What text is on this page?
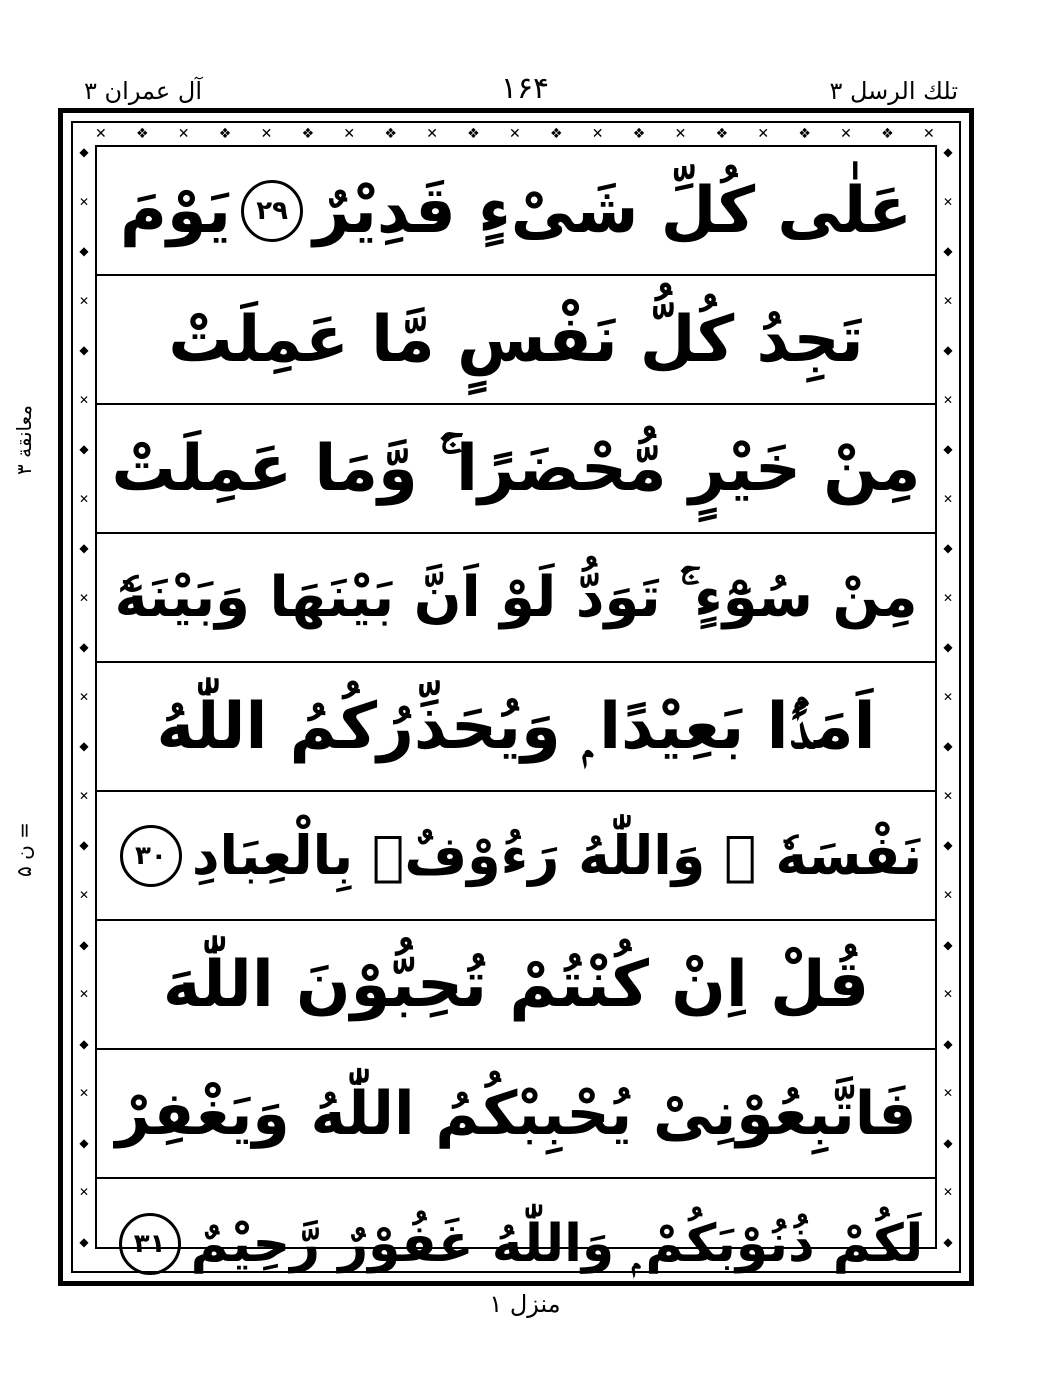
آل عمران ۳	۱۶۴	تلك الرسل ۳
معانقة ۳
ن ۵ =
✕ ❖ ✕ ❖ ✕ ❖ ✕ ❖ ✕ ❖ ✕ ❖ ✕ ❖ ✕ ❖ ✕ ❖ ✕ ❖ ✕
◆
✕
◆
✕
◆
✕
◆
✕
◆
✕
◆
✕
◆
✕
◆
✕
◆
✕
◆
✕
◆
✕
◆
◆
✕
◆
✕
◆
✕
◆
✕
◆
✕
◆
✕
◆
✕
◆
✕
◆
✕
◆
✕
◆
✕
◆
عَلٰى كُلِّ شَىْءٍ قَدِيْرٌ
۲۹
يَوْمَ
تَجِدُ كُلُّ نَفْسٍ مَّا عَمِلَتْ
مِنْ خَيْرٍ مُّحْضَرًا ۚۛ وَّمَا عَمِلَتْ
مِنْ سُوْٓءٍ ۚۛ تَوَدُّ لَوْ اَنَّ بَيْنَهَا وَبَيْنَهٗٓ
اَمَدًۢا بَعِيْدًا ۭ وَيُحَذِّرُكُمُ اللّٰهُ
نَفْسَهٗ ۭ وَاللّٰهُ رَءُوْفٌۢ بِالْعِبَادِ
۳۰
قُلْ اِنْ كُنْتُمْ تُحِبُّوْنَ اللّٰهَ
فَاتَّبِعُوْنِىْ يُحْبِبْكُمُ اللّٰهُ وَيَغْفِرْ
لَكُمْ ذُنُوْبَكُمْ ۭ وَاللّٰهُ غَفُوْرٌ رَّحِيْمٌ
۳۱
منزل ۱
